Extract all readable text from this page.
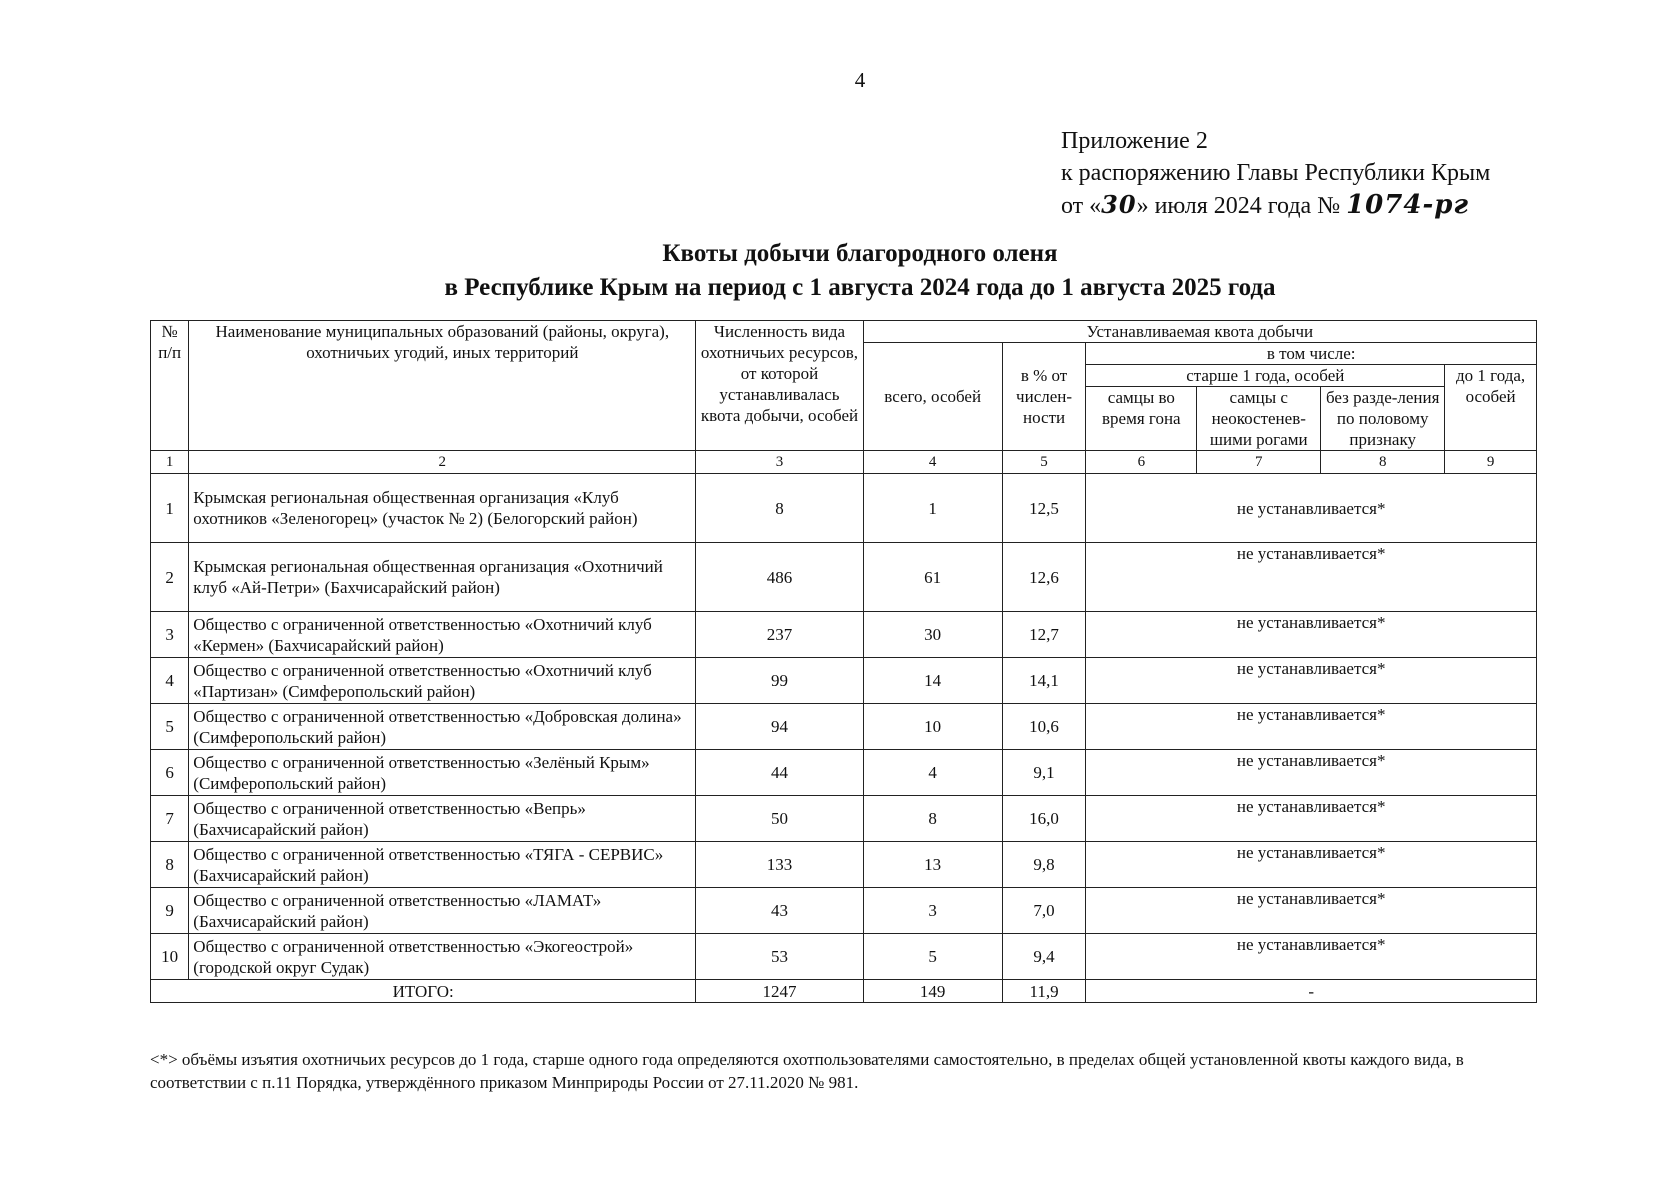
4
Приложение 2
к распоряжению Главы Республики Крым
от «30» июля 2024 года № 1074-рг
Квоты добычи благородного оленя
в Республике Крым на период с 1 августа 2024 года до 1 августа 2025 года
№ п/п	Наименование муниципальных образований (районы, округа), охотничьих угодий, иных территорий	Численность вида охотничьих ресурсов, от которой устанавливалась квота добычи, особей	Устанавливаемая квота добычи					
			всего, особей	в % от числен-ности	в том числе:			
					старше 1 года, особей			до 1 года, особей
					самцы во время гона	самцы с неокостенев-шими рогами	без разде-ления по половому признаку	
1	2	3	4	5	6	7	8	9
1	Крымская региональная общественная организация «Клуб охотников «Зеленогорец» (участок № 2) (Белогорский район)	8	1	12,5	не устанавливается*			
2	Крымская региональная общественная организация «Охотничий клуб «Ай-Петри» (Бахчисарайский район)	486	61	12,6	не устанавливается*			
3	Общество с ограниченной ответственностью «Охотничий клуб «Кермен» (Бахчисарайский район)	237	30	12,7	не устанавливается*			
4	Общество с ограниченной ответственностью «Охотничий клуб «Партизан» (Симферопольский район)	99	14	14,1	не устанавливается*			
5	Общество с ограниченной ответственностью «Добровская долина» (Симферопольский район)	94	10	10,6	не устанавливается*			
6	Общество с ограниченной ответственностью «Зелёный Крым» (Симферопольский район)	44	4	9,1	не устанавливается*			
7	Общество с ограниченной ответственностью «Вепрь» (Бахчисарайский район)	50	8	16,0	не устанавливается*			
8	Общество с ограниченной ответственностью «ТЯГА - СЕРВИС» (Бахчисарайский район)	133	13	9,8	не устанавливается*			
9	Общество с ограниченной ответственностью «ЛАМАТ» (Бахчисарайский район)	43	3	7,0	не устанавливается*			
10	Общество с ограниченной ответственностью «Экогеострой» (городской округ Судак)	53	5	9,4	не устанавливается*			
ИТОГО:		1247	149	11,9	-			
<*> объёмы изъятия охотничьих ресурсов до 1 года, старше одного года определяются охотпользователями самостоятельно, в пределах общей установленной квоты каждого вида, в соответствии с п.11 Порядка, утверждённого приказом Минприроды России от 27.11.2020 № 981.
